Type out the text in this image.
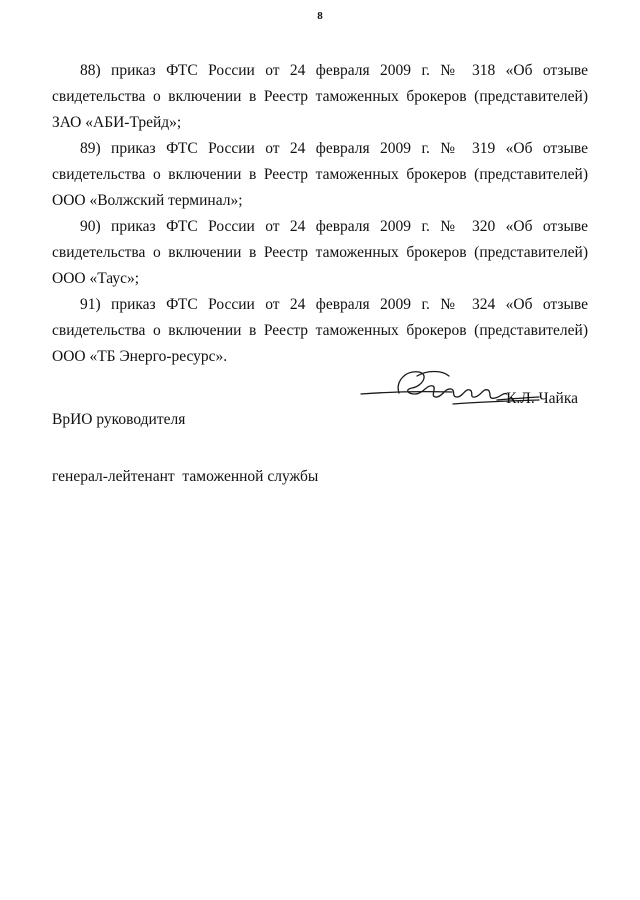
8

88) приказ ФТС России от 24 февраля 2009 г. № 318 «Об отзыве свидетельства о включении в Реестр таможенных брокеров (представителей) ЗАО «АБИ-Трейд»;

89) приказ ФТС России от 24 февраля 2009 г. № 319 «Об отзыве свидетельства о включении в Реестр таможенных брокеров (представителей) ООО «Волжский терминал»;

90) приказ ФТС России от 24 февраля 2009 г. № 320 «Об отзыве свидетельства о включении в Реестр таможенных брокеров (представителей) ООО «Таус»;

91) приказ ФТС России от 24 февраля 2009 г. № 324 «Об отзыве свидетельства о включении в Реестр таможенных брокеров (представителей) ООО «ТБ Энерго-ресурс».

ВрИО руководителя

генерал-лейтенант  таможенной службы

К.Л. Чайка
